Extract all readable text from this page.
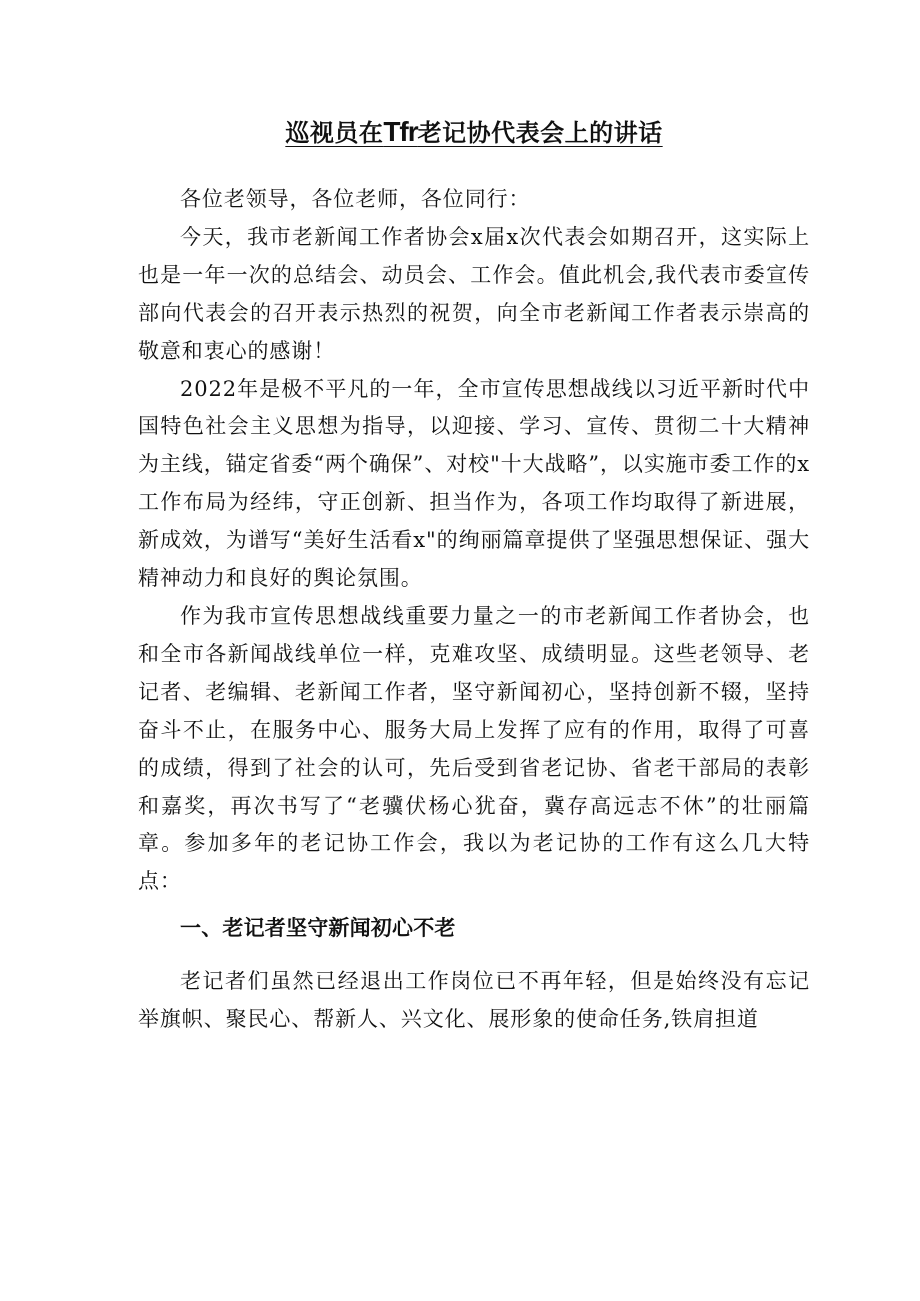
巡视员在Tfr老记协代表会上的讲话

各位老领导，各位老师，各位同行：

今天，我市老新闻工作者协会x届x次代表会如期召开，这实际上也是一年一次的总结会、动员会、工作会。值此机会,我代表市委宣传部向代表会的召开表示热烈的祝贺，向全市老新闻工作者表示崇高的敬意和衷心的感谢！

2022年是极不平凡的一年，全市宣传思想战线以习近平新时代中国特色社会主义思想为指导，以迎接、学习、宣传、贯彻二十大精神为主线，锚定省委“两个确保”、对校"十大战略”，以实施市委工作的x工作布局为经纬，守正创新、担当作为，各项工作均取得了新进展，新成效，为谱写“美好生活看x"的绚丽篇章提供了坚强思想保证、强大精神动力和良好的舆论氛围。

作为我市宣传思想战线重要力量之一的市老新闻工作者协会，也和全市各新闻战线单位一样，克难攻坚、成绩明显。这些老领导、老记者、老编辑、老新闻工作者，坚守新闻初心，坚持创新不辍，坚持奋斗不止，在服务中心、服务大局上发挥了应有的作用，取得了可喜的成绩，得到了社会的认可，先后受到省老记协、省老干部局的表彰和嘉奖，再次书写了“老骥伏杨心犹奋，冀存高远志不休”的壮丽篇章。参加多年的老记协工作会，我以为老记协的工作有这么几大特点：

一、老记者坚守新闻初心不老

老记者们虽然已经退出工作岗位已不再年轻，但是始终没有忘记举旗帜、聚民心、帮新人、兴文化、展形象的使命任务,铁肩担道
